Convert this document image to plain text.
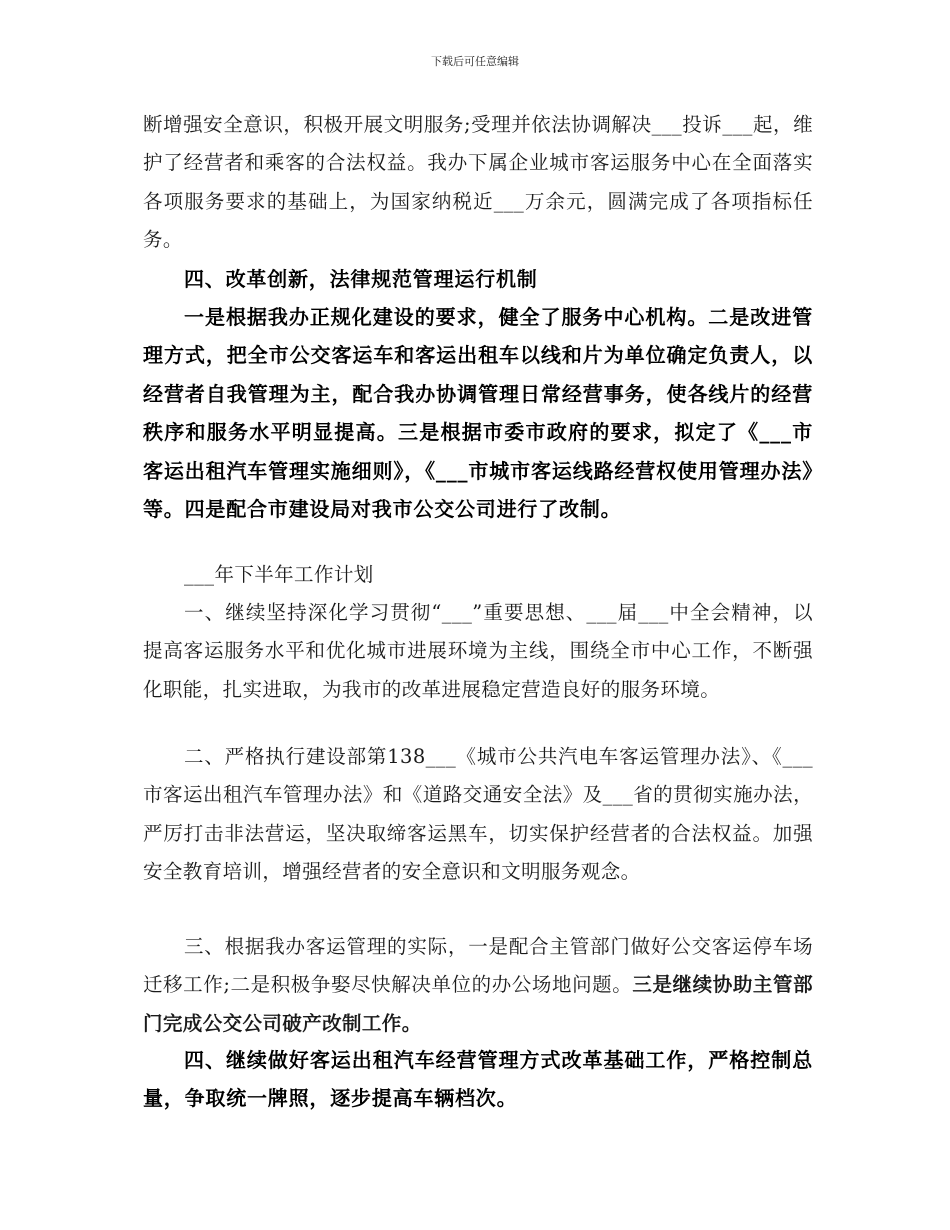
下载后可任意编辑

断增强安全意识，积极开展文明服务;受理并依法协调解决___投诉___起，维护了经营者和乘客的合法权益。我办下属企业城市客运服务中心在全面落实各项服务要求的基础上，为国家纳税近___万余元，圆满完成了各项指标任务。

四、改革创新，法律规范管理运行机制

一是根据我办正规化建设的要求，健全了服务中心机构。二是改进管理方式，把全市公交客运车和客运出租车以线和片为单位确定负责人，以经营者自我管理为主，配合我办协调管理日常经营事务，使各线片的经营秩序和服务水平明显提高。三是根据市委市政府的要求，拟定了《___市客运出租汽车管理实施细则》，《___市城市客运线路经营权使用管理办法》等。四是配合市建设局对我市公交公司进行了改制。

___年下半年工作计划

一、继续坚持深化学习贯彻“___”重要思想、___届___中全会精神，以提高客运服务水平和优化城市进展环境为主线，围绕全市中心工作，不断强化职能，扎实进取，为我市的改革进展稳定营造良好的服务环境。

二、严格执行建设部第138___《城市公共汽电车客运管理办法》、《___市客运出租汽车管理办法》和《道路交通安全法》及___省的贯彻实施办法，严厉打击非法营运，坚决取缔客运黑车，切实保护经营者的合法权益。加强安全教育培训，增强经营者的安全意识和文明服务观念。

三、根据我办客运管理的实际，一是配合主管部门做好公交客运停车场迁移工作;二是积极争娶尽快解决单位的办公场地问题。三是继续协助主管部门完成公交公司破产改制工作。

四、继续做好客运出租汽车经营管理方式改革基础工作，严格控制总量，争取统一牌照，逐步提高车辆档次。
